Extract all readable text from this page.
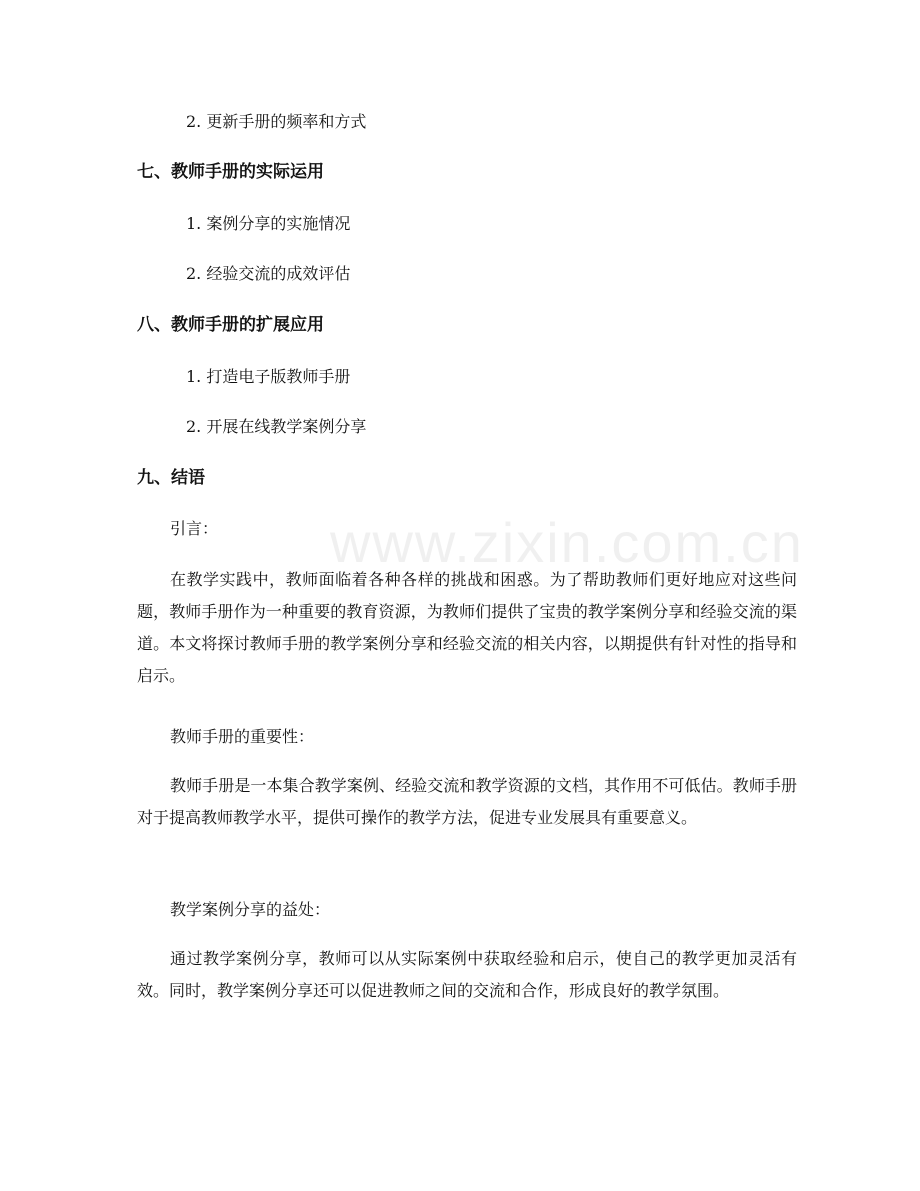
www.zixin.com.cn
2. 更新手册的频率和方式
七、教师手册的实际运用
1. 案例分享的实施情况
2. 经验交流的成效评估
八、教师手册的扩展应用
1. 打造电子版教师手册
2. 开展在线教学案例分享
九、结语
引言：
在教学实践中，教师面临着各种各样的挑战和困惑。为了帮助教师们更好地应对这些问题，教师手册作为一种重要的教育资源，为教师们提供了宝贵的教学案例分享和经验交流的渠道。本文将探讨教师手册的教学案例分享和经验交流的相关内容，以期提供有针对性的指导和启示。
教师手册的重要性：
教师手册是一本集合教学案例、经验交流和教学资源的文档，其作用不可低估。教师手册对于提高教师教学水平，提供可操作的教学方法，促进专业发展具有重要意义。
教学案例分享的益处：
通过教学案例分享，教师可以从实际案例中获取经验和启示，使自己的教学更加灵活有效。同时，教学案例分享还可以促进教师之间的交流和合作，形成良好的教学氛围。
